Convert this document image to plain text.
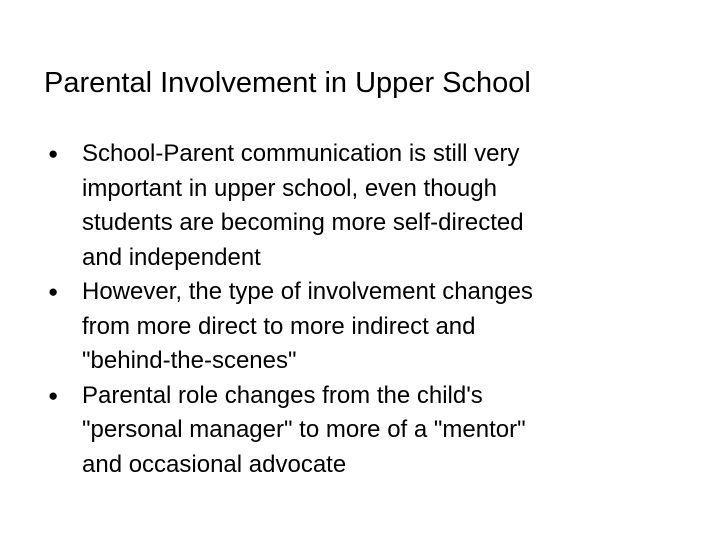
Parental Involvement in Upper School
● School-Parent communication is still very
important in upper school, even though
students are becoming more self-directed
and independent
● However, the type of involvement changes
from more direct to more indirect and
"behind-the-scenes"
● Parental role changes from the child's
"personal manager" to more of a "mentor"
and occasional advocate
